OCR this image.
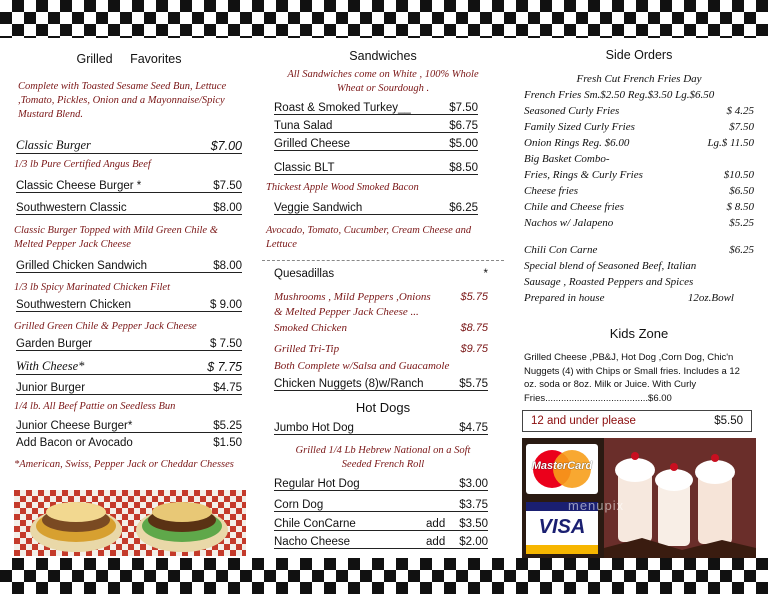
Grilled Favorites
Complete with Toasted Sesame Seed Bun, Lettuce ,Tomato, Pickles, Onion and a Mayonnaise/Spicy Mustard Blend.
Classic Burger	$7.00
1/3 lb Pure Certified Angus Beef
Classic Cheese Burger *	$7.50
Southwestern Classic	$8.00
Classic Burger Topped with Mild Green Chile & Melted Pepper Jack Cheese
Grilled Chicken Sandwich	$8.00
1/3 lb Spicy Marinated Chicken Filet
Southwestern Chicken	$ 9.00
Grilled Green Chile & Pepper Jack Cheese
Garden Burger	$ 7.50
With Cheese*	$ 7.75
Junior Burger	$4.75
1/4 lb. All Beef Pattie on Seedless Bun
Junior Cheese Burger*	$5.25
Add Bacon or Avocado	$1.50
*American, Swiss, Pepper Jack or Cheddar Chesses
Sandwiches
All Sandwiches come on White , 100% Whole Wheat or Sourdough .
Roast & Smoked Turkey__	$7.50
Tuna Salad	$6.75
Grilled Cheese	$5.00
Classic BLT	$8.50
Thickest Apple Wood Smoked Bacon
Veggie Sandwich	$6.25
Avocado, Tomato, Cucumber, Cream Cheese and Lettuce
Quesadillas	*
Mushrooms , Mild Peppers ,Onions	$5.75
& Melted Pepper Jack Cheese ...
Smoked Chicken	$8.75
Grilled Tri-Tip	$9.75
Both Complete w/Salsa and Guacamole
Chicken Nuggets (8)w/Ranch	$5.75
Hot Dogs
Jumbo Hot Dog	$4.75
Grilled 1/4 Lb Hebrew National on a Soft Seeded French Roll
Regular Hot Dog	$3.00
Corn Dog	$3.75
Chile ConCarne	add $3.50
Nacho Cheese	add $2.00
Side Orders
Fresh Cut French Fries Day
French Fries Sm.$2.50 Reg.$3.50 Lg.$6.50
Seasoned Curly Fries	$ 4.25
Family Sized Curly Fries	$7.50
Onion Rings Reg. $6.00	Lg.$ 11.50
Big Basket Combo-
Fries, Rings & Curly Fries	$10.50
Cheese fries	$6.50
Chile and Cheese fries	$ 8.50
Nachos w/ Jalapeno	$5.25
Chili Con Carne	$6.25
Special blend of Seasoned Beef, Italian
Sausage , Roasted Peppers and Spices
Prepared in house	12oz.Bowl
Kids Zone
Grilled Cheese ,PB&J, Hot Dog ,Corn Dog, Chic'n Nuggets (4) with Chips or Small fries. Includes a 12 oz. soda or 8oz. Milk or Juice. With Curly Fries.......................................$6.00
12 and under please	$5.50
MasterCard
VISA
menupix
